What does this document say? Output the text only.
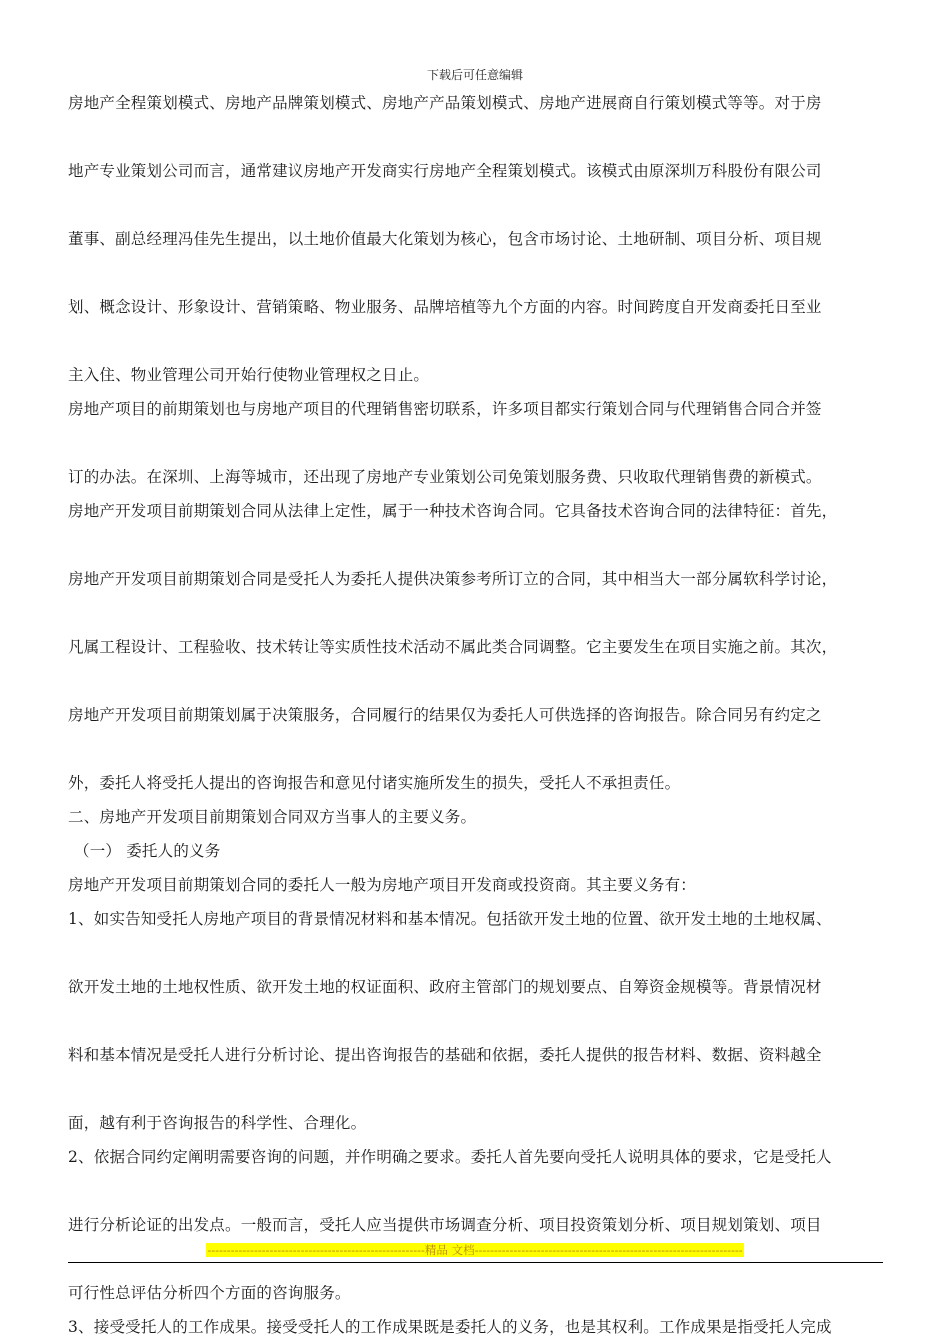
下载后可任意编辑

房地产全程策划模式、房地产品牌策划模式、房地产产品策划模式、房地产进展商自行策划模式等等。对于房

地产专业策划公司而言，通常建议房地产开发商实行房地产全程策划模式。该模式由原深圳万科股份有限公司

董事、副总经理冯佳先生提出，以土地价值最大化策划为核心，包含市场讨论、土地研制、项目分析、项目规

划、概念设计、形象设计、营销策略、物业服务、品牌培植等九个方面的内容。时间跨度自开发商委托日至业

主入住、物业管理公司开始行使物业管理权之日止。

房地产项目的前期策划也与房地产项目的代理销售密切联系，许多项目都实行策划合同与代理销售合同合并签

订的办法。在深圳、上海等城市，还出现了房地产专业策划公司免策划服务费、只收取代理销售费的新模式。

房地产开发项目前期策划合同从法律上定性，属于一种技术咨询合同。它具备技术咨询合同的法律特征：首先，

房地产开发项目前期策划合同是受托人为委托人提供决策参考所订立的合同，其中相当大一部分属软科学讨论，

凡属工程设计、工程验收、技术转让等实质性技术活动不属此类合同调整。它主要发生在项目实施之前。其次，

房地产开发项目前期策划属于决策服务，合同履行的结果仅为委托人可供选择的咨询报告。除合同另有约定之

外，委托人将受托人提出的咨询报告和意见付诸实施所发生的损失，受托人不承担责任。

二、房地产开发项目前期策划合同双方当事人的主要义务。

（一） 委托人的义务

房地产开发项目前期策划合同的委托人一般为房地产项目开发商或投资商。其主要义务有：

1、如实告知受托人房地产项目的背景情况材料和基本情况。包括欲开发土地的位置、欲开发土地的土地权属、

欲开发土地的土地权性质、欲开发土地的权证面积、政府主管部门的规划要点、自筹资金规模等。背景情况材

料和基本情况是受托人进行分析讨论、提出咨询报告的基础和依据，委托人提供的报告材料、数据、资料越全

面，越有利于咨询报告的科学性、合理化。

2、依据合同约定阐明需要咨询的问题，并作明确之要求。委托人首先要向受托人说明具体的要求，它是受托人

进行分析论证的出发点。一般而言，受托人应当提供市场调查分析、项目投资策划分析、项目规划策划、项目

可行性总评估分析四个方面的咨询服务。

3、接受受托人的工作成果。接受受托人的工作成果既是委托人的义务，也是其权利。工作成果是指受托人完成

--------------------------------------------------------精品 文档---------------------------------------------------------------------
